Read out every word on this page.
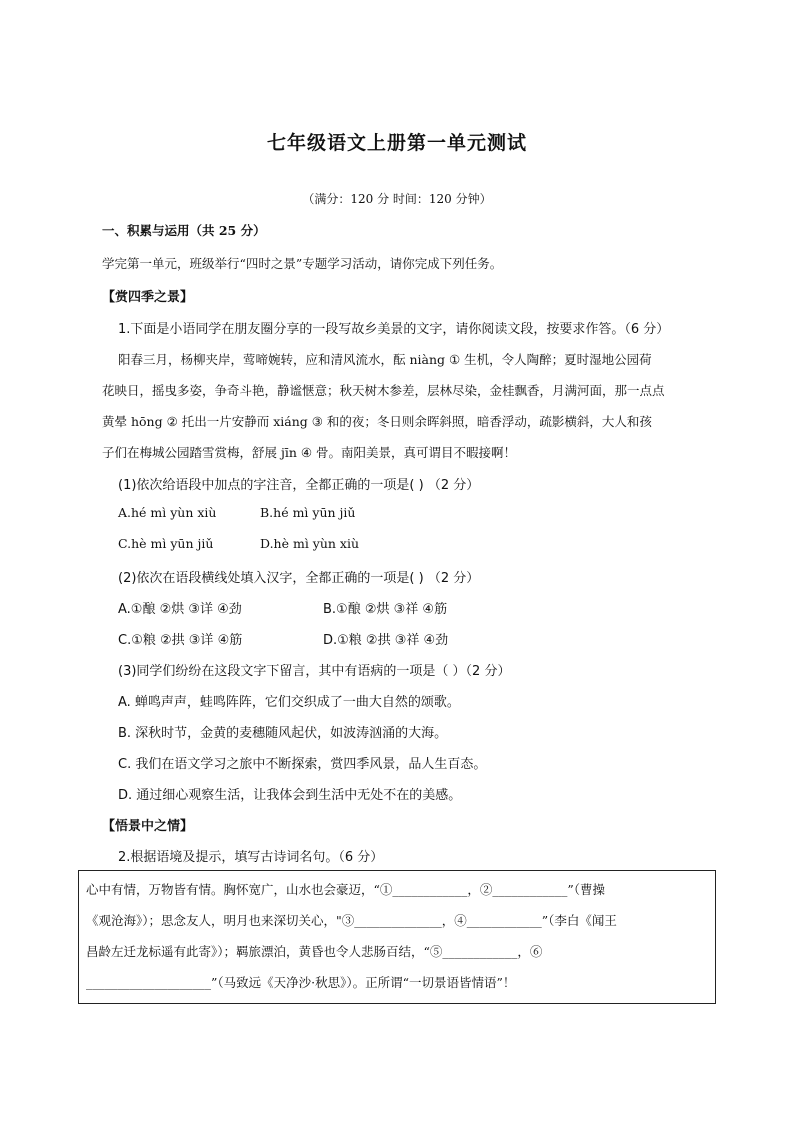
七年级语文上册第一单元测试
（满分：120 分 时间：120 分钟）
一、积累与运用（共 25 分）
学完第一单元，班级举行“四时之景”专题学习活动，请你完成下列任务。
【赏四季之景】
1.下面是小语同学在朋友圈分享的一段写故乡美景的文字，请你阅读文段，按要求作答。（6 分）
阳春三月，杨柳夹岸，莺啼婉转，应和清风流水，酝 niàng ① 生机，令人陶醉；夏时湿地公园荷
花映日，摇曳多姿，争奇斗艳，静谧惬意；秋天树木参差，层林尽染，金桂飘香，月满河面，那一点点
黄晕 hōng ② 托出一片安静而 xiáng ③ 和的夜；冬日则余晖斜照，暗香浮动，疏影横斜，大人和孩
子们在梅城公园踏雪赏梅，舒展 jīn ④ 骨。南阳美景，真可谓目不暇接啊！
(1)依次给语段中加点的字注音，全都正确的一项是( ) （2 分）
A.hé mì yùn xiù	B.hé mì yūn jiǔ
C.hè mì yūn jiǔ	D.hè mì yùn xiù
(2)依次在语段横线处填入汉字，全都正确的一项是( ) （2 分）
A.①酿 ②烘 ③详 ④劲	B.①酿 ②烘 ③祥 ④筋
C.①粮 ②拱 ③详 ④筋	D.①粮 ②拱 ③祥 ④劲
(3)同学们纷纷在这段文字下留言，其中有语病的一项是（ ）（2 分）
A. 蝉鸣声声，蛙鸣阵阵，它们交织成了一曲大自然的颂歌。
B. 深秋时节，金黄的麦穗随风起伏，如波涛汹涌的大海。
C. 我们在语文学习之旅中不断探索，赏四季风景，品人生百态。
D. 通过细心观察生活，让我体会到生活中无处不在的美感。
【悟景中之情】
2.根据语境及提示，填写古诗词名句。（6 分）
心中有情，万物皆有情。胸怀宽广，山水也会豪迈，“①____________，②____________”（曹操
《观沧海》）；思念友人，明月也来深切关心，"③______________，④____________”（李白《闻王
昌龄左迁龙标遥有此寄》）；羁旅漂泊，黄昏也令人悲肠百结，“⑤____________，⑥
____________________”（马致远《天净沙·秋思》）。正所谓“一切景语皆情语”！
